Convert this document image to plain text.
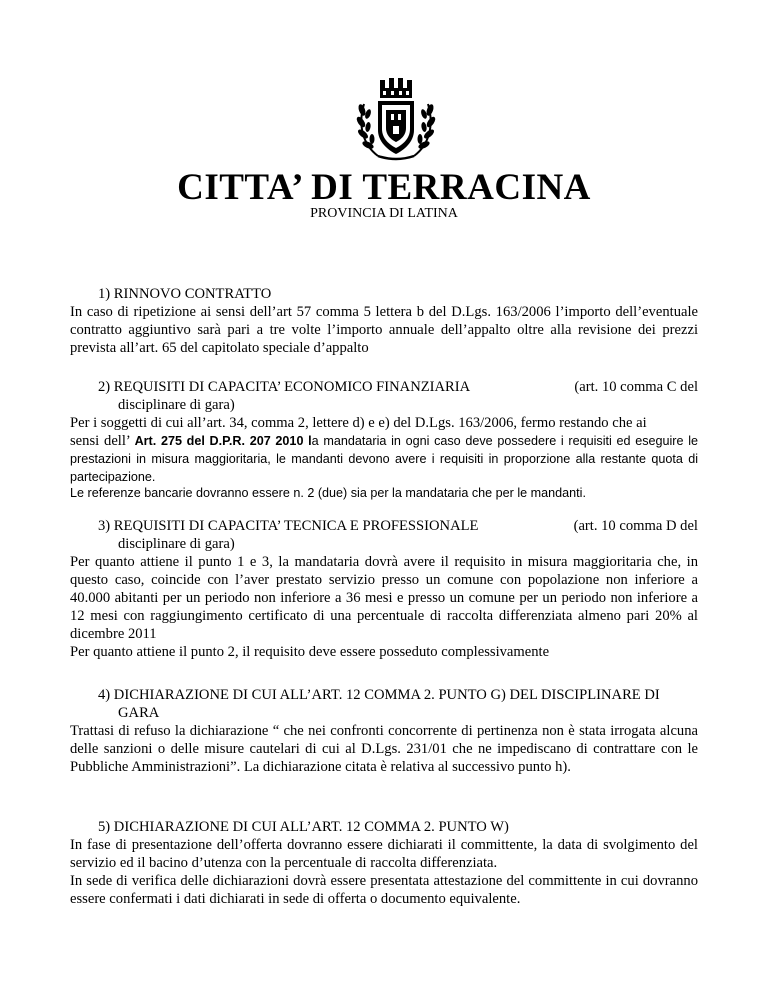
CITTA’ DI TERRACINA
PROVINCIA DI LATINA
1) RINNOVO CONTRATTO
In caso di ripetizione ai sensi dell’art 57 comma 5 lettera b del D.Lgs. 163/2006 l’importo dell’eventuale contratto aggiuntivo sarà pari a tre volte l’importo annuale dell’appalto oltre alla revisione dei prezzi prevista all’art. 65 del capitolato speciale d’appalto
2) REQUISITI DI CAPACITA’ ECONOMICO FINANZIARIA	(art. 10 comma C del
disciplinare di gara)
Per i soggetti di cui all’art. 34, comma 2, lettere d) e e) del D.Lgs. 163/2006, fermo restando che ai
sensi dell’ Art. 275 del D.P.R. 207 2010 la mandataria in ogni caso deve possedere i requisiti ed eseguire le prestazioni in misura maggioritaria, le mandanti devono avere i requisiti in proporzione alla restante quota di partecipazione.
Le referenze bancarie dovranno essere n. 2 (due) sia per la mandataria che per le mandanti.
3) REQUISITI DI CAPACITA’ TECNICA E PROFESSIONALE	(art. 10 comma D del
disciplinare di gara)
Per quanto attiene il punto 1 e 3, la mandataria dovrà avere il requisito in misura maggioritaria che, in questo caso, coincide con l’aver prestato servizio presso un comune con popolazione non inferiore a 40.000 abitanti per un periodo non inferiore a 36 mesi e presso un comune per un periodo non inferiore a 12 mesi con raggiungimento certificato di una percentuale di raccolta differenziata almeno pari 20% al dicembre 2011
Per quanto attiene il punto 2, il requisito deve essere posseduto complessivamente
4) DICHIARAZIONE DI CUI ALL’ART. 12 COMMA 2. PUNTO G) DEL DISCIPLINARE DI GARA
Trattasi di refuso la dichiarazione “ che nei confronti concorrente di pertinenza non è stata irrogata alcuna delle sanzioni o delle misure cautelari di cui al D.Lgs. 231/01 che ne impediscano di contrattare con le Pubbliche Amministrazioni”. La dichiarazione citata è relativa al successivo punto h).
5) DICHIARAZIONE DI CUI ALL’ART. 12 COMMA 2. PUNTO W)
In fase di presentazione dell’offerta dovranno essere dichiarati il committente, la data di svolgimento del servizio ed il bacino d’utenza con la percentuale di raccolta differenziata.
In sede di verifica delle dichiarazioni dovrà essere presentata attestazione del committente in cui dovranno essere confermati i dati dichiarati in sede di offerta o documento equivalente.
